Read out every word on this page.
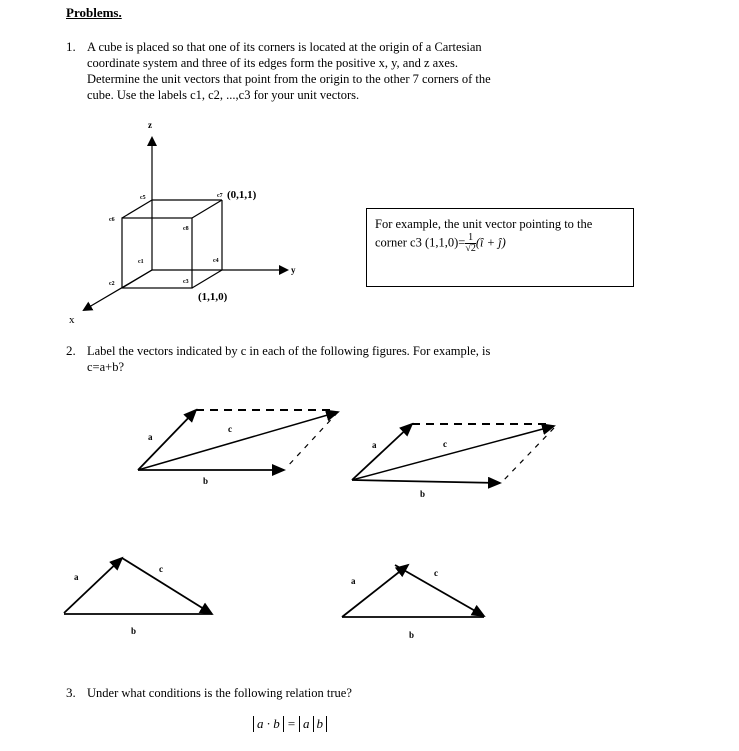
Problems.
1. A cube is placed so that one of its corners is located at the origin of a Cartesian
coordinate system and three of its edges form the positive x, y, and z axes.
Determine the unit vectors that point from the origin to the other 7 corners of the
cube. Use the labels c1, c2, ...,c3 for your unit vectors.
z
y
x
c5
c6
c7
c8
c1
c2	c3
c4
(0,1,1)
(1,1,0)
For example, the unit vector pointing to the
corner c3 $(1,1,0)= \frac{1}{√2}$ (î + ĵ)
2. Label the vectors indicated by c in each of the following figures. For example, is
c=a+b?
a
c
b
a	c
b
a
c
b
a
c
b
3. Under what conditions is the following relation true?
a · b = a b
